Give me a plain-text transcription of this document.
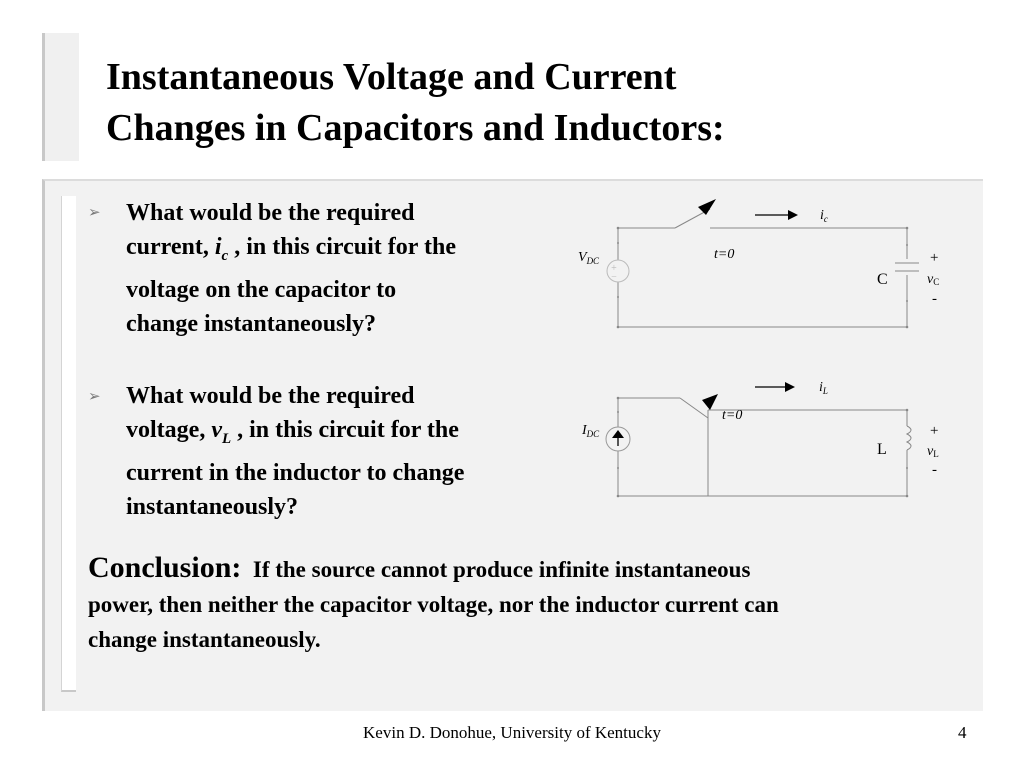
Instantaneous Voltage and Current
Changes in Capacitors and Inductors:
➢ What would be the required
current, $i_c$ , in this circuit for the
voltage on the capacitor to
change instantaneously?
➢ What would be the required
voltage, $v_L$ , in this circuit for the
current in the inductor to change
instantaneously?
+
−
$i_c$
t=0
$V_{DC}$
C
+
vC
-
$i_L$
t=0
$I_{DC}$
L
+
vL
-
Conclusion: If the source cannot produce infinite instantaneous
power, then neither the capacitor voltage, nor the inductor current can
change instantaneously.
Kevin D. Donohue, University of Kentucky	4
